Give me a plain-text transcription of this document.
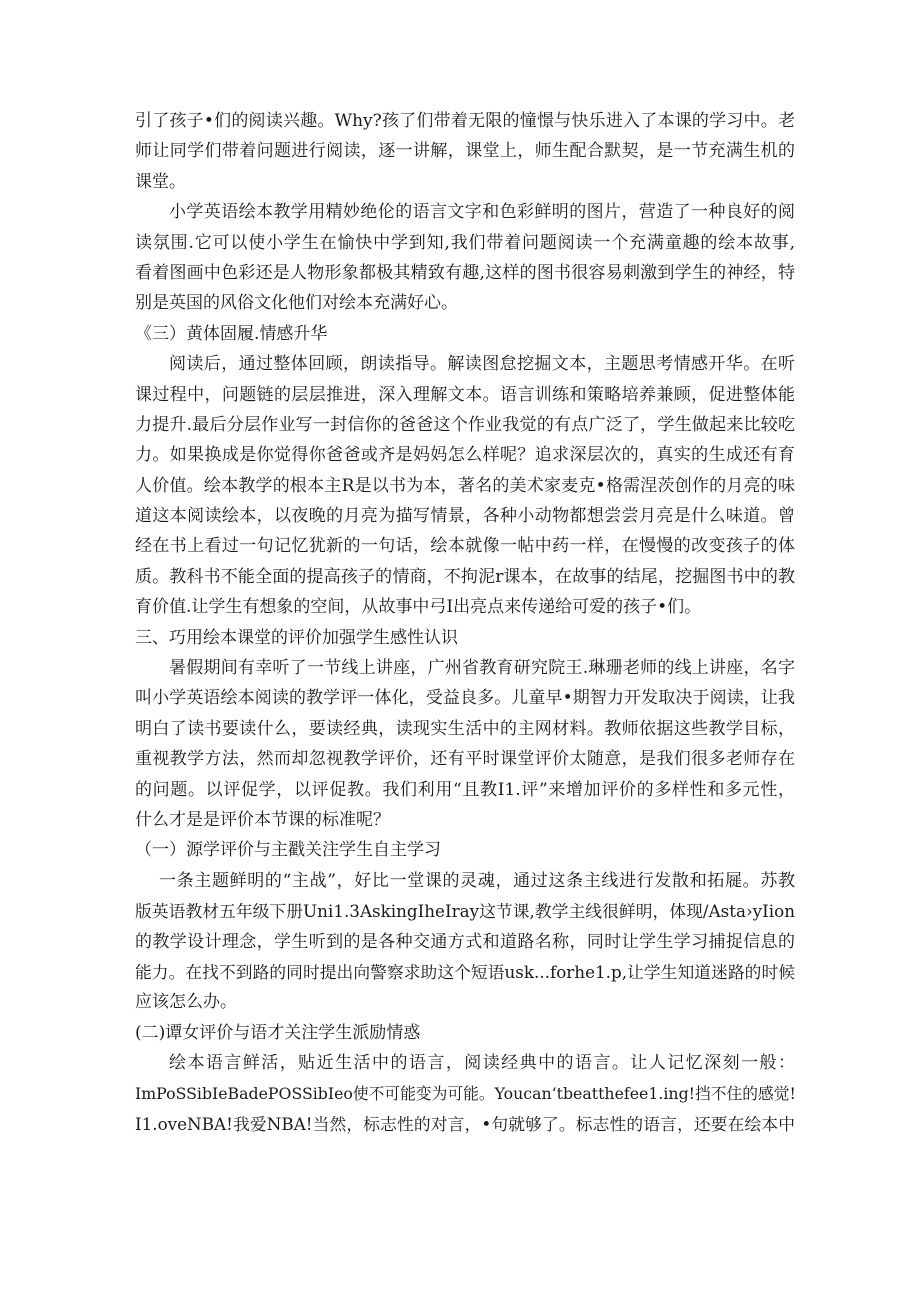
引了孩子•们的阅读兴趣。Why?孩了们带着无限的憧憬与快乐进入了本课的学习中。老
师让同学们带着问题进行阅读，逐一讲解，课堂上，师生配合默契，是一节充满生机的
课堂。
小学英语绘本教学用精妙绝伦的语言文字和色彩鲜明的图片，营造了一种良好的阅
读氛围.它可以使小学生在愉快中学到知,我们带着问题阅读一个充满童趣的绘本故事,
看着图画中色彩还是人物形象都极其精致有趣,这样的图书很容易刺激到学生的神经，特
别是英国的风俗文化他们对绘本充满好心。
《三）黄体固履.情感升华
阅读后，通过整体回顾，朗读指导。解读图怠挖掘文本，主题思考情感开华。在听
课过程中，问题链的层层推进，深入理解文本。语言训练和策略培养兼顾，促进整体能
力提升.最后分层作业写一封信你的爸爸这个作业我觉的有点广泛了，学生做起来比较吃
力。如果换成是你觉得你爸爸或齐是妈妈怎么样呢？追求深层次的，真实的生成还有育
人价值。绘本教学的根本主R是以书为本，著名的美术家麦克•格需涅茨创作的月亮的味
道这本阅读绘本，以夜晚的月亮为描写情景，各种小动物都想尝尝月亮是什么味道。曾
经在书上看过一句记忆犹新的一句话，绘本就像一帖中药一样，在慢慢的改变孩子的体
质。教科书不能全面的提高孩子的情商，不拘泥r课本，在故事的结尾，挖掘图书中的教
育价值.让学生有想象的空间，从故事中弓I出亮点来传递给可爱的孩子•们。
三、巧用绘本课堂的评价加强学生感性认识
暑假期间有幸听了一节线上讲座，广州省教育研究院王.琳珊老师的线上讲座，名字
叫小学英语绘本阅读的教学评一体化，受益良多。儿童早•期智力开发取决于阅读，让我
明白了读书要读什么，要读经典，读现实生活中的主网材料。教师依据这些教学目标，
重视教学方法，然而却忽视教学评价，还有平时课堂评价太随意，是我们很多老师存在
的问题。以评促学，以评促教。我们利用“且教I1.评”来增加评价的多样性和多元性，
什么才是是评价本节课的标准呢？
（一）源学评价与主戳关注学生自主学习
一条主题鲜明的“主战”，好比一堂课的灵魂，通过这条主线进行发散和拓屣。苏教
版英语教材五年级下册Uni1.3AskingIheIray这节课,教学主线很鲜明，体现/Asta›yIion
的教学设计理念，学生听到的是各种交通方式和道路名称，同时让学生学习捕捉信息的
能力。在找不到路的同时提出向警察求助这个短语usk...forhe1.p,让学生知道迷路的时候
应该怎么办。
(二)谭女评价与语才关注学生派励情惑
绘本语言鲜活，贴近生活中的语言，阅读经典中的语言。让人记忆深刻一般：
ImPoSSibIeBadePOSSibIeo使不可能变为可能。Youcan‘tbeatthefee1.ing!挡不住的感觉!
I1.oveNBA!我爱NBA!当然，标志性的对言，•句就够了。标志性的语言，还要在绘本中
